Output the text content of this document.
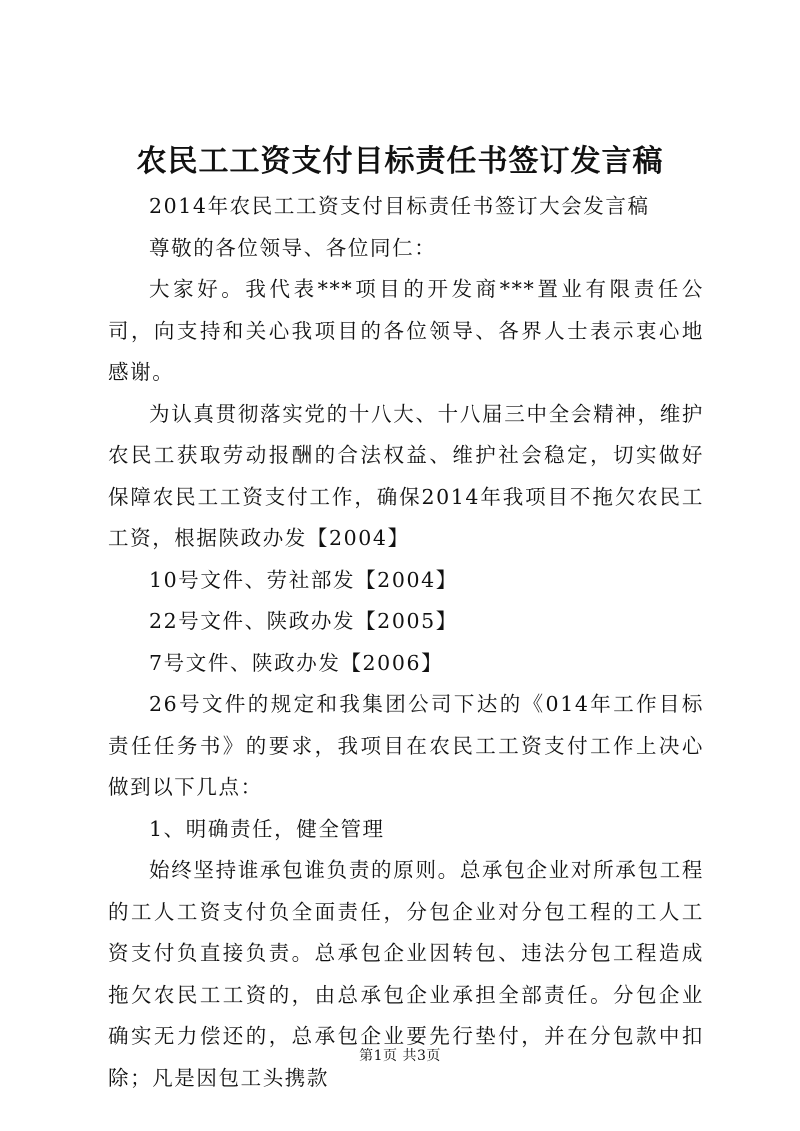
农民工工资支付目标责任书签订发言稿

2014年农民工工资支付目标责任书签订大会发言稿

尊敬的各位领导、各位同仁：

大家好。我代表***项目的开发商***置业有限责任公司，向支持和关心我项目的各位领导、各界人士表示衷心地感谢。

为认真贯彻落实党的十八大、十八届三中全会精神，维护农民工获取劳动报酬的合法权益、维护社会稳定，切实做好保障农民工工资支付工作，确保2014年我项目不拖欠农民工工资，根据陕政办发【2004】

10号文件、劳社部发【2004】

22号文件、陕政办发【2005】

7号文件、陕政办发【2006】

26号文件的规定和我集团公司下达的《014年工作目标责任任务书》的要求，我项目在农民工工资支付工作上决心做到以下几点：

1、明确责任，健全管理

始终坚持谁承包谁负责的原则。总承包企业对所承包工程的工人工资支付负全面责任，分包企业对分包工程的工人工资支付负直接负责。总承包企业因转包、违法分包工程造成拖欠农民工工资的，由总承包企业承担全部责任。分包企业确实无力偿还的，总承包企业要先行垫付，并在分包款中扣除；凡是因包工头携款

第1页 共3页
